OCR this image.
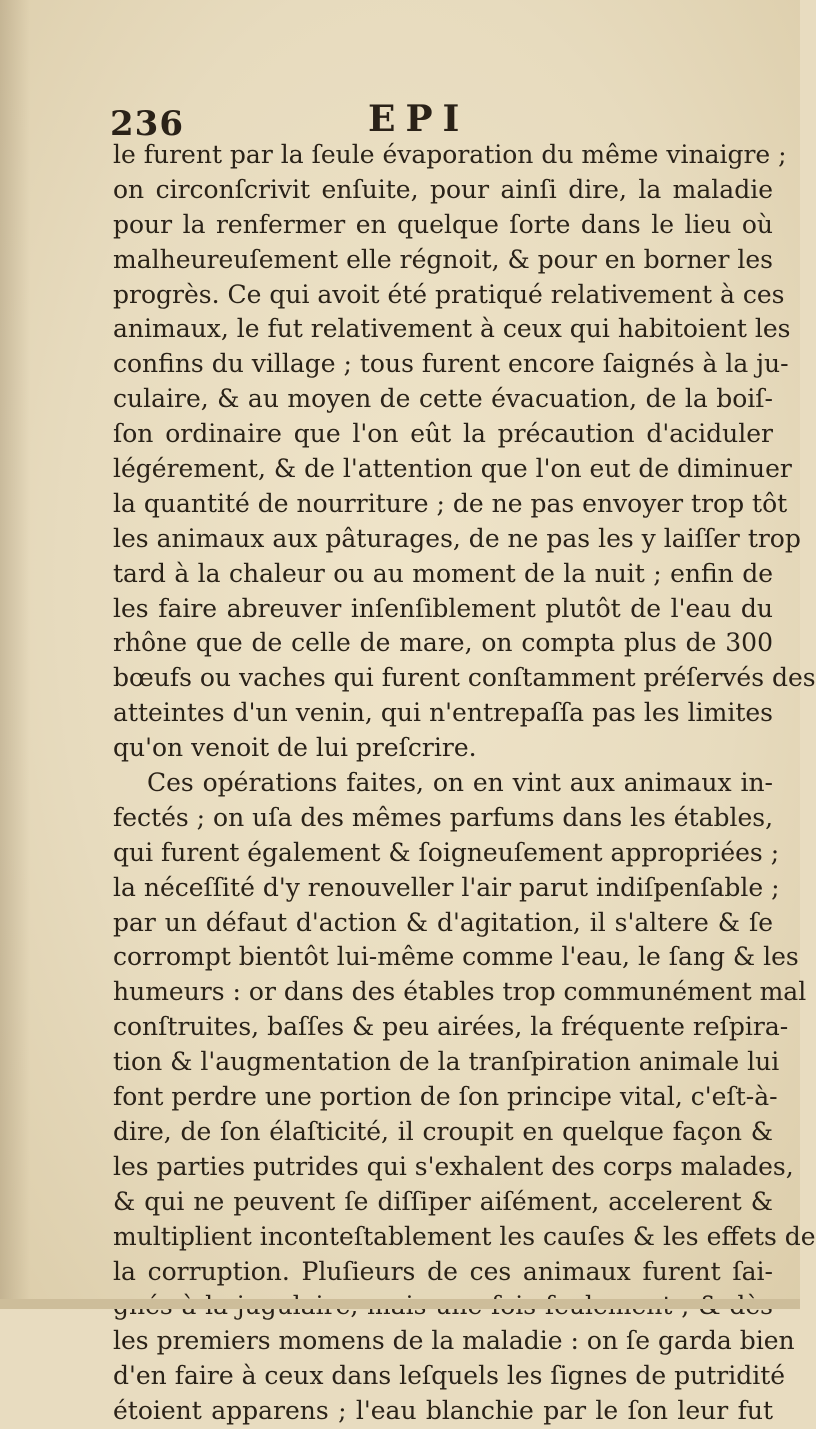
236	EPI
le furent par la ſeule évaporation du même vinaigre ;
on circonſcrivit enſuite, pour ainſi dire, la maladie
pour la renfermer en quelque ſorte dans le lieu où
malheureuſement elle régnoit, & pour en borner les
progrès. Ce qui avoit été pratiqué relativement à ces
animaux, le fut relativement à ceux qui habitoient les
confins du village ; tous furent encore ſaignés à la ju-
culaire, & au moyen de cette évacuation, de la boiſ-
ſon ordinaire que l'on eût la précaution d'aciduler
légérement, & de l'attention que l'on eut de diminuer
la quantité de nourriture ; de ne pas envoyer trop tôt
les animaux aux pâturages, de ne pas les y laiſſer trop
tard à la chaleur ou au moment de la nuit ; enfin de
les faire abreuver inſenſiblement plutôt de l'eau du
rhône que de celle de mare, on compta plus de 300
bœufs ou vaches qui furent conſtamment préſervés des
atteintes d'un venin, qui n'entrepaſſa pas les limites
qu'on venoit de lui preſcrire.
Ces opérations faites, on en vint aux animaux in-
fectés ; on uſa des mêmes parfums dans les étables,
qui furent également & ſoigneuſement appropriées ;
la néceſſité d'y renouveller l'air parut indiſpenſable ;
par un défaut d'action & d'agitation, il s'altere & ſe
corrompt bientôt lui-même comme l'eau, le ſang & les
humeurs : or dans des étables trop communément mal
conſtruites, baſſes & peu airées, la fréquente reſpira-
tion & l'augmentation de la tranſpiration animale lui
font perdre une portion de ſon principe vital, c'eſt-à-
dire, de ſon élaſticité, il croupit en quelque façon &
les parties putrides qui s'exhalent des corps malades,
& qui ne peuvent ſe diſſiper aiſément, accelerent &
multiplient inconteſtablement les cauſes & les effets de
la corruption. Pluſieurs de ces animaux furent ſai-
les premiers momens de la maladie : on ſe garda bien
d'en faire à ceux dans leſquels les ſignes de putridité
étoient apparens ; l'eau blanchie par le ſon leur fut
